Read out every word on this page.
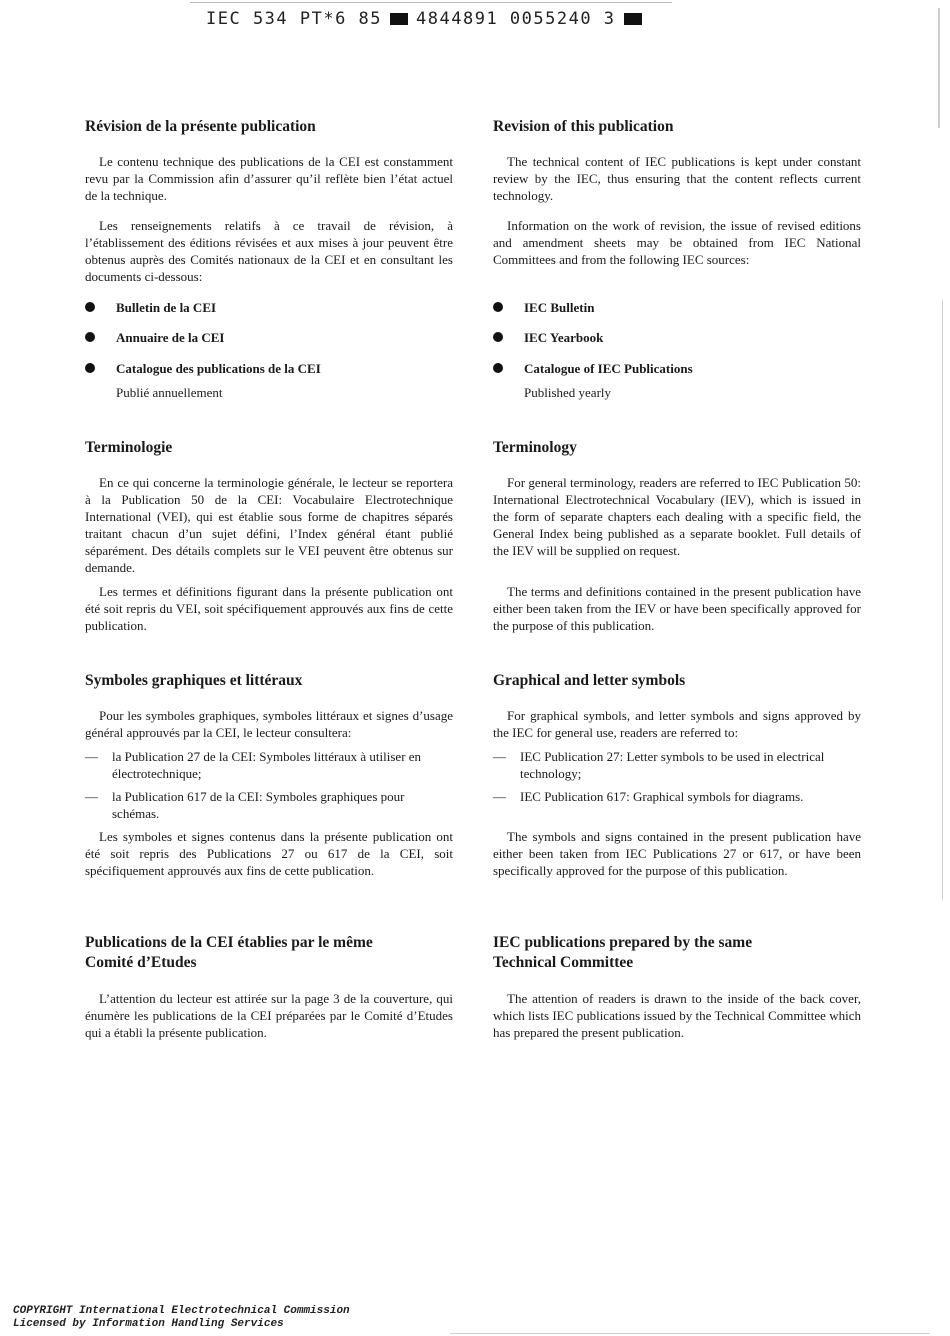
IEC 534 PT*6 85 4844891 0055240 3
Révision de la présente publication

Le contenu technique des publications de la CEI est constamment revu par la Commission afin d’assurer qu’il reflète bien l’état actuel de la technique.

Les renseignements relatifs à ce travail de révision, à l’établissement des éditions révisées et aux mises à jour peuvent être obtenus auprès des Comités nationaux de la CEI et en consultant les documents ci-dessous:

Bulletin de la CEI
Annuaire de la CEI
Catalogue des publications de la CEI
Publié annuellement
Terminologie

En ce qui concerne la terminologie générale, le lecteur se reportera à la Publication 50 de la CEI: Vocabulaire Electrotechnique International (VEI), qui est établie sous forme de chapitres séparés traitant chacun d’un sujet défini, l’Index général étant publié séparément. Des détails complets sur le VEI peuvent être obtenus sur demande.

Les termes et définitions figurant dans la présente publication ont été soit repris du VEI, soit spécifiquement approuvés aux fins de cette publication.

Symboles graphiques et littéraux

Pour les symboles graphiques, symboles littéraux et signes d’usage général approuvés par la CEI, le lecteur consultera:

— la Publication 27 de la CEI: Symboles littéraux à utiliser en électrotechnique;
— la Publication 617 de la CEI: Symboles graphiques pour schémas.

Les symboles et signes contenus dans la présente publication ont été soit repris des Publications 27 ou 617 de la CEI, soit spécifiquement approuvés aux fins de cette publication.

Publications de la CEI établies par le même
Comité d’Etudes

L’attention du lecteur est attirée sur la page 3 de la couverture, qui énumère les publications de la CEI préparées par le Comité d’Etudes qui a établi la présente publication.

Revision of this publication

The technical content of IEC publications is kept under constant review by the IEC, thus ensuring that the content reflects current technology.

Information on the work of revision, the issue of revised editions and amendment sheets may be obtained from IEC National Committees and from the following IEC sources:

IEC Bulletin
IEC Yearbook
Catalogue of IEC Publications
Published yearly
Terminology

For general terminology, readers are referred to IEC Publication 50: International Electrotechnical Vocabulary (IEV), which is issued in the form of separate chapters each dealing with a specific field, the General Index being published as a separate booklet. Full details of the IEV will be supplied on request.

The terms and definitions contained in the present publication have either been taken from the IEV or have been specifically approved for the purpose of this publication.

Graphical and letter symbols

For graphical symbols, and letter symbols and signs approved by the IEC for general use, readers are referred to:

— IEC Publication 27: Letter symbols to be used in electrical technology;
— IEC Publication 617: Graphical symbols for diagrams.

The symbols and signs contained in the present publication have either been taken from IEC Publications 27 or 617, or have been specifically approved for the purpose of this publication.

IEC publications prepared by the same
Technical Committee

The attention of readers is drawn to the inside of the back cover, which lists IEC publications issued by the Technical Committee which has prepared the present publication.

COPYRIGHT International Electrotechnical Commission
Licensed by Information Handling Services
